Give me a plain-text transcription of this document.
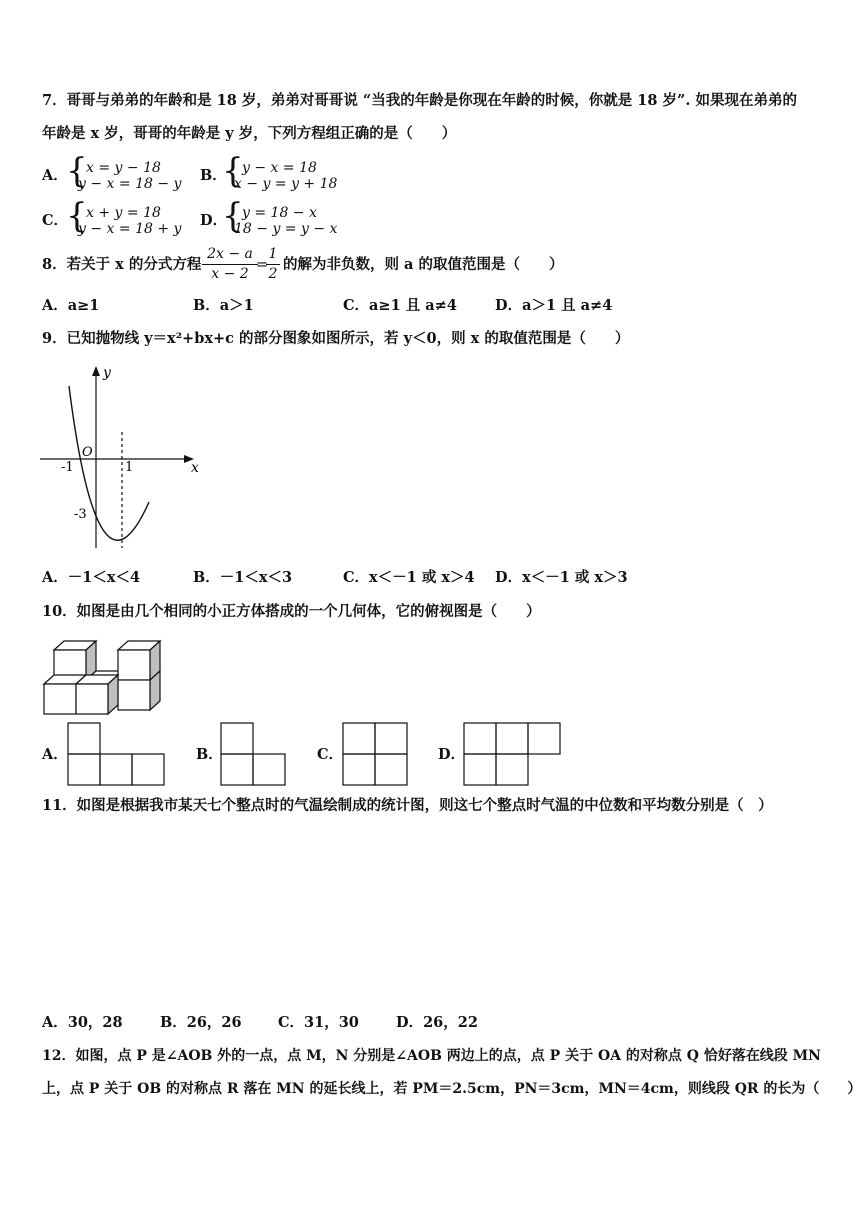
7．哥哥与弟弟的年龄和是 18 岁，弟弟对哥哥说 “当我的年龄是你现在年龄的时候，你就是 18 岁”. 如果现在弟弟的
年龄是 x 岁，哥哥的年龄是 y 岁，下列方程组正确的是（　　）
A．
{
x = y − 18
y − x = 18 − y B．
{
y − x = 18
x − y = y + 18
C．
{
x + y = 18
y − x = 18 + y D．
{
y = 18 − x
18 − y = y − x
8．若关于 x 的分式方程 $\frac{2x - a}{x - 2}$
=
$\frac{1}{2}$ 的解为非负数，则 a 的取值范围是（　　）
A．a≥1	B．a＞1	C．a≥1 且 a≠4	D．a＞1 且 a≠4
9．已知抛物线 y＝x²+bx+c 的部分图象如图所示，若 y＜0，则 x 的取值范围是（　　）
y
x
O
-1	1
-3
A．－1＜x＜4	B．－1＜x＜3	C．x＜－1 或 x＞4 D．x＜－1 或 x＞3
10．如图是由几个相同的小正方体搭成的一个几何体，它的俯视图是（　　）
A．	B．	C．	D．
11．如图是根据我市某天七个整点时的气温绘制成的统计图，则这七个整点时气温的中位数和平均数分别是（　）
A．30，28	B．26，26	C．31，30	D．26，22
12．如图，点 P 是∠AOB 外的一点，点 M，N 分别是∠AOB 两边上的点，点 P 关于 OA 的对称点 Q 恰好落在线段 MN
上，点 P 关于 OB 的对称点 R 落在 MN 的延长线上，若 PM＝2.5cm，PN＝3cm，MN＝4cm，则线段 QR 的长为（　　）
